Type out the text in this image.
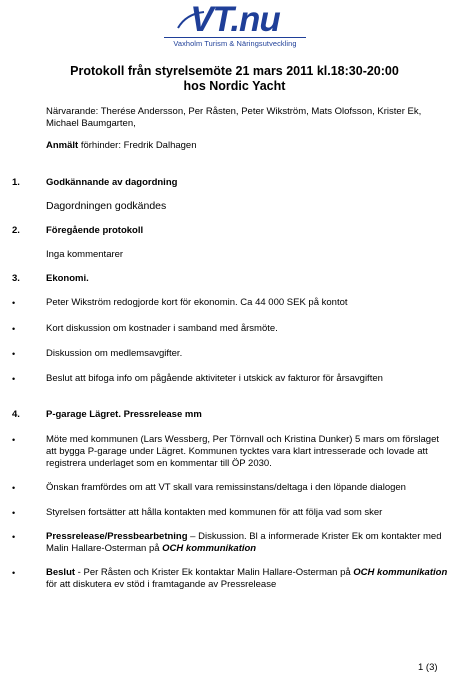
VT.nu
Vaxholm Turism & Näringsutveckling
Protokoll från styrelsemöte 21 mars 2011 kl.18:30-20:00
hos Nordic Yacht
Närvarande: Therése Andersson, Per Råsten, Peter Wikström, Mats Olofsson, Krister Ek, Michael Baumgarten,
Anmält förhinder: Fredrik Dalhagen
1.	Godkännande av dagordning
Dagordningen godkändes
2.	Föregående protokoll
Inga kommentarer
3.	Ekonomi.
•	Peter Wikström redogjorde kort för ekonomin. Ca 44 000 SEK på kontot
•	Kort diskussion om kostnader i samband med årsmöte.
•	Diskussion om medlemsavgifter.
•	Beslut att bifoga info om pågående aktiviteter i utskick av fakturor för årsavgiften
4.	P-garage Lägret. Pressrelease mm
•	Möte med kommunen (Lars Wessberg, Per Törnvall och Kristina Dunker) 5 mars om förslaget att bygga P-garage under Lägret. Kommunen tycktes vara klart intresserade och lovade att registrera underlaget som en kommentar till ÖP 2030.
•	Önskan framfördes om att VT skall vara remissinstans/deltaga i den löpande dialogen
•	Styrelsen fortsätter att hålla kontakten med kommunen för att följa vad som sker
•	Pressrelease/Pressbearbetning – Diskussion. Bl a informerade Krister Ek om kontakter med Malin Hallare-Osterman på OCH kommunikation
•	Beslut - Per Råsten och Krister Ek kontaktar Malin Hallare-Osterman på OCH kommunikation för att diskutera ev stöd i framtagande av Pressrelease
1 (3)
